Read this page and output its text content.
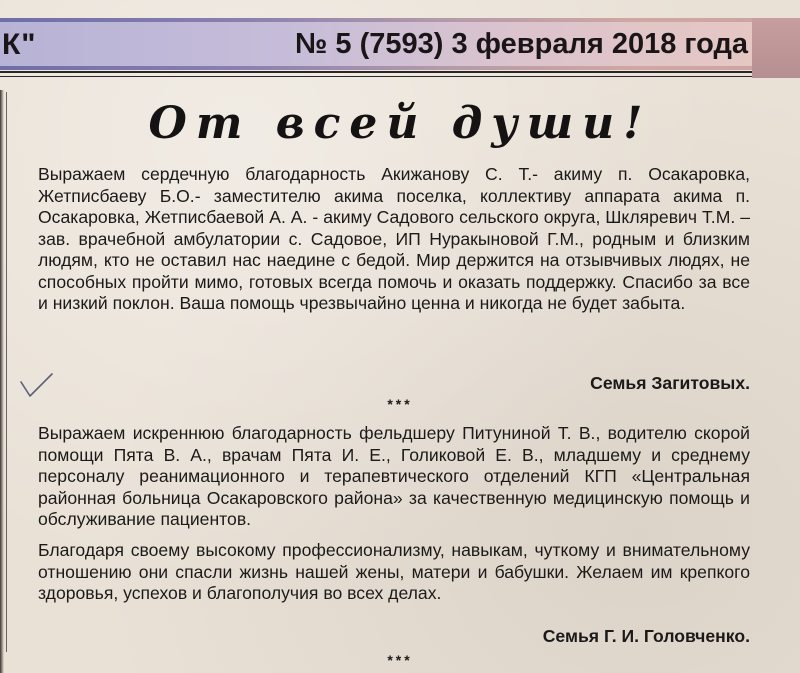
К"	№ 5 (7593) 3 февраля 2018 года
От всей души!
Выражаем сердечную благодарность Акижанову С. Т.- акиму п. Осакаровка, Жетписбаеву Б.О.- заместителю акима поселка, коллективу аппарата акима п. Осакаровка, Жетписбаевой А. А. - акиму Садового сельского округа, Шкляревич Т.М. – зав. врачебной амбулатории с. Садовое, ИП Нуракыновой Г.М., родным и близким людям, кто не оставил нас наедине с бедой. Мир держится на отзывчивых людях, не способных пройти мимо, готовых всегда помочь и оказать поддержку. Спасибо за все и низкий поклон. Ваша помощь чрезвычайно ценна и никогда не будет забыта.
Семья Загитовых.
***
Выражаем искреннюю благодарность фельдшеру Питуниной Т. В., водителю скорой помощи Пята В. А., врачам Пята И. Е., Голиковой Е. В., младшему и среднему персоналу реанимационного и терапевтического отделений КГП «Центральная районная больница Осакаровского района» за качественную медицинскую помощь и обслуживание пациентов.
Благодаря своему высокому профессионализму, навыкам, чуткому и внимательному отношению они спасли жизнь нашей жены, матери и бабушки. Желаем им крепкого здоровья, успехов и благополучия во всех делах.
Семья Г. И. Головченко.
***
